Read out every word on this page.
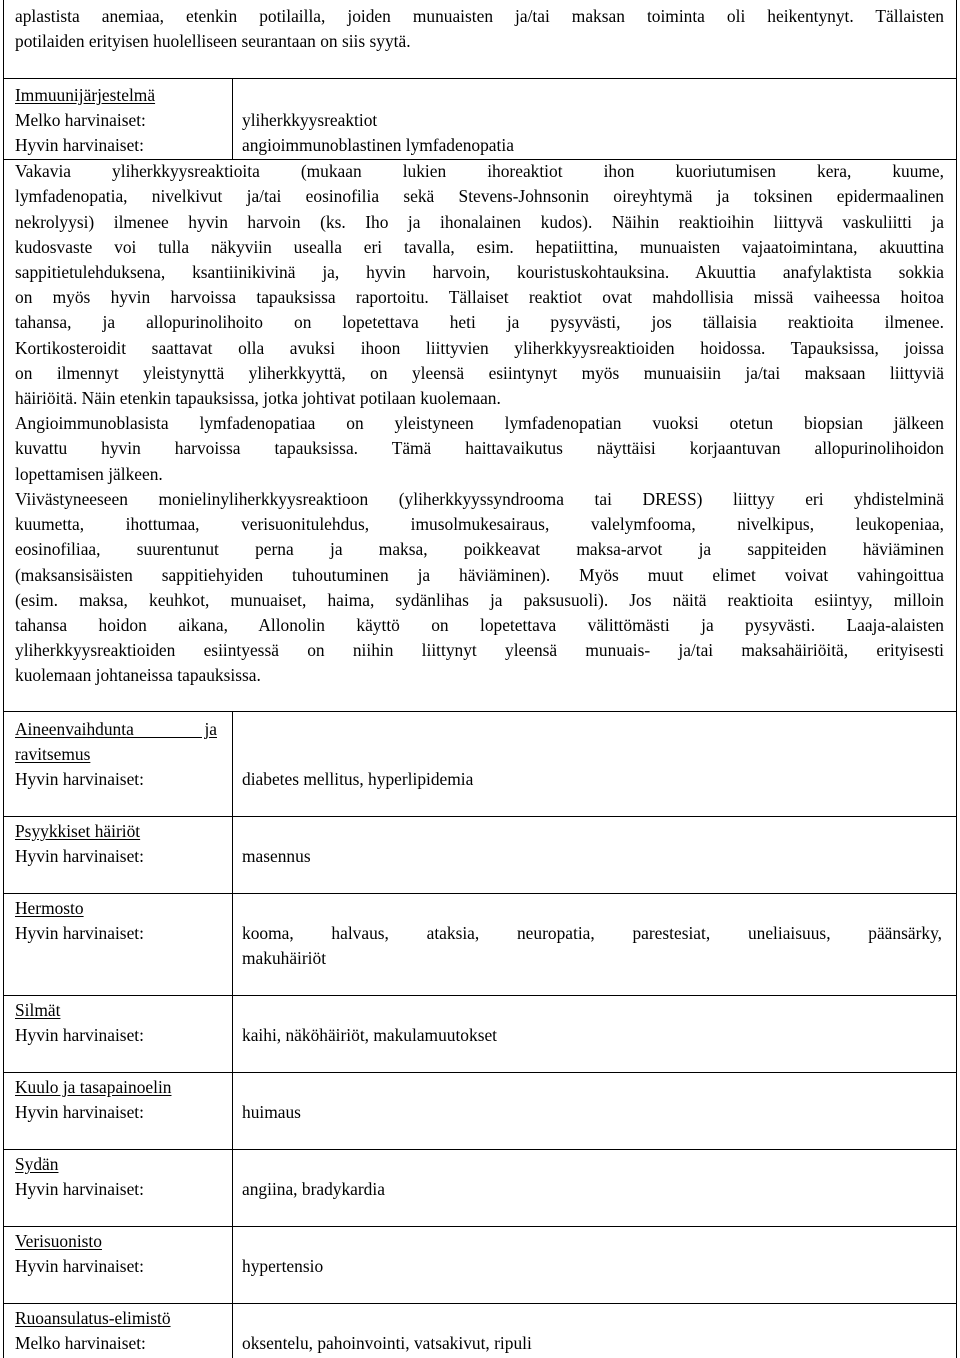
aplastista anemiaa, etenkin potilailla, joiden munuaisten ja/tai maksan toiminta oli heikentynyt. Tällaisten
potilaiden erityisen huolelliseen seurantaan on siis syytä.
Immuunijärjestelmä
Melko harvinaiset:	yliherkkyysreaktiot
Hyvin harvinaiset:	angioimmunoblastinen lymfadenopatia
Vakavia yliherkkyysreaktioita (mukaan lukien ihoreaktiot ihon kuoriutumisen kera, kuume,
lymfadenopatia, nivelkivut ja/tai eosinofilia sekä Stevens-Johnsonin oireyhtymä ja toksinen epidermaalinen
nekrolyysi) ilmenee hyvin harvoin (ks. Iho ja ihonalainen kudos). Näihin reaktioihin liittyvä vaskuliitti ja
kudosvaste voi tulla näkyviin usealla eri tavalla, esim. hepatiittina, munuaisten vajaatoimintana, akuuttina
sappitietulehduksena, ksantiinikivinä ja, hyvin harvoin, kouristuskohtauksina. Akuuttia anafylaktista sokkia
on myös hyvin harvoissa tapauksissa raportoitu. Tällaiset reaktiot ovat mahdollisia missä vaiheessa hoitoa
tahansa, ja allopurinolihoito on lopetettava heti ja pysyvästi, jos tällaisia reaktioita ilmenee.
Kortikosteroidit saattavat olla avuksi ihoon liittyvien yliherkkyysreaktioiden hoidossa. Tapauksissa, joissa
on ilmennyt yleistynyttä yliherkkyyttä, on yleensä esiintynyt myös munuaisiin ja/tai maksaan liittyviä
häiriöitä. Näin etenkin tapauksissa, jotka johtivat potilaan kuolemaan.
Angioimmunoblasista lymfadenopatiaa on yleistyneen lymfadenopatian vuoksi otetun biopsian jälkeen
kuvattu hyvin harvoissa tapauksissa. Tämä haittavaikutus näyttäisi korjaantuvan allopurinolihoidon
lopettamisen jälkeen.
Viivästyneeseen monielinyliherkkyysreaktioon (yliherkkyyssyndrooma tai DRESS) liittyy eri yhdistelminä
kuumetta, ihottumaa, verisuonitulehdus, imusolmukesairaus, valelymfooma, nivelkipus, leukopeniaa,
eosinofiliaa, suurentunut perna ja maksa, poikkeavat maksa-arvot ja sappiteiden häviäminen
(maksansisäisten sappitiehyiden tuhoutuminen ja häviäminen). Myös muut elimet voivat vahingoittua
(esim. maksa, keuhkot, munuaiset, haima, sydänlihas ja paksusuoli). Jos näitä reaktioita esiintyy, milloin
tahansa hoidon aikana, Allonolin käyttö on lopetettava välittömästi ja pysyvästi. Laaja-alaisten
yliherkkyysreaktioiden esiintyessä on niihin liittynyt yleensä munuais- ja/tai maksahäiriöitä, erityisesti
kuolemaan johtaneissa tapauksissa.
Aineenvaihdunta ja
ravitsemus
Hyvin harvinaiset:	diabetes mellitus, hyperlipidemia
Psyykkiset häiriöt
Hyvin harvinaiset:	masennus
Hermosto
Hyvin harvinaiset:	kooma, halvaus, ataksia, neuropatia, parestesiat, uneliaisuus, päänsärky,
makuhäiriöt
Silmät
Hyvin harvinaiset:	kaihi, näköhäiriöt, makulamuutokset
Kuulo ja tasapainoelin
Hyvin harvinaiset:	huimaus
Sydän
Hyvin harvinaiset:	angiina, bradykardia
Verisuonisto
Hyvin harvinaiset:	hypertensio
Ruoansulatus-elimistö
Melko harvinaiset:	oksentelu, pahoinvointi, vatsakivut, ripuli
